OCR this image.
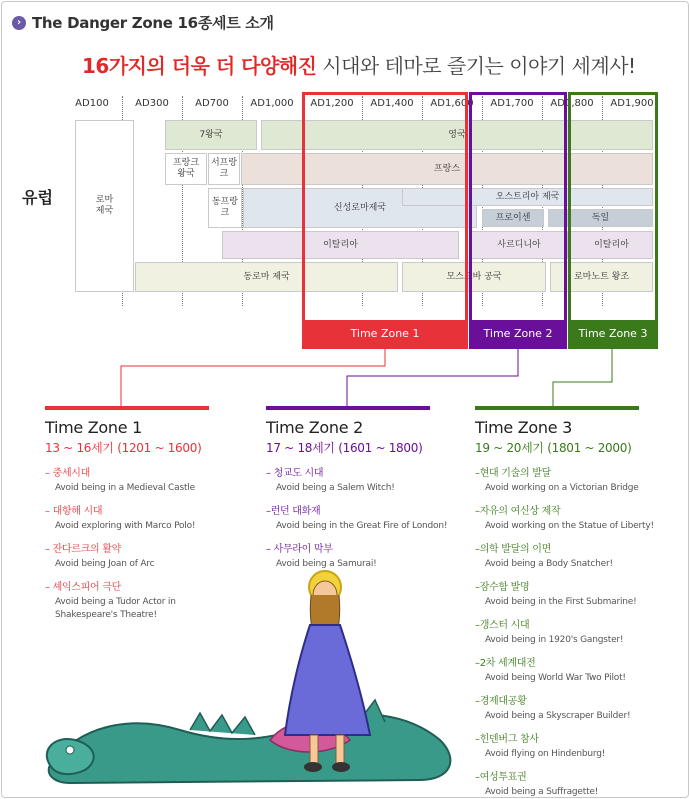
› The Danger Zone 16종세트 소개
16가지의 더욱 더 다양해진 시대와 테마로 즐기는 이야기 세계사!
AD100	AD300	AD700 AD1,000 AD1,200 AD1,400 AD1,600 AD1,700 AD1,800 AD1,900
유럽	로마
제국
7왕국	영국
프랑크
왕국
서프랑크
프랑스
동프랑크
신성로마제국
오스트리아 제국
프로이센	독일
이탈리아	사르디니아	이탈리아
동로마 제국	모스크바 공국	로마노트 왕조
Time Zone 1	Time Zone 2	Time Zone 3
Time Zone 1
13 ~ 16세기 (1201 ~ 1600)
– 중세시대
Avoid being in a Medieval Castle
– 대항해 시대
Avoid exploring with Marco Polo!
– 잔다르크의 활약
Avoid being Joan of Arc
– 셰익스피어 극단
Avoid being a Tudor Actor in Shakespeare's Theatre!
Time Zone 2
17 ~ 18세기 (1601 ~ 1800)
– 청교도 시대
Avoid being a Salem Witch!
–런던 대화재
Avoid being in the Great Fire of London!
– 사무라이 막부
Avoid being a Samurai!
Time Zone 3
19 ~ 20세기 (1801 ~ 2000)
–현대 기술의 발달
Avoid working on a Victorian Bridge
–자유의 여신상 제작
Avoid working on the Statue of Liberty!
–의학 발달의 이면
Avoid being a Body Snatcher!
–잠수함 발명
Avoid being in the First Submarine!
–갱스터 시대
Avoid being in 1920's Gangster!
–2차 세계대전
Avoid being World War Two Pilot!
–경제대공황
Avoid being a Skyscraper Builder!
–힌덴버그 참사
Avoid flying on Hindenburg!
–여성투표권
Avoid being a Suffragette!
